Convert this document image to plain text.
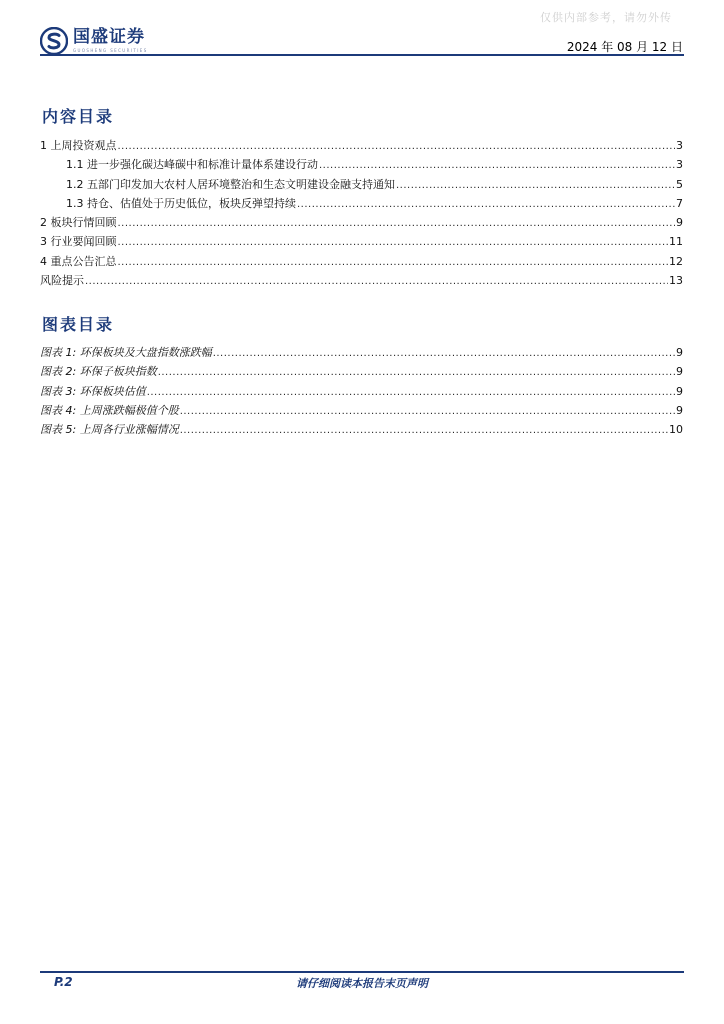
仅供内部参考，请勿外传
国盛证券
GUOSHENG SECURITIES	2024 年 08 月 12 日
内容目录
1 上周投资观点 .....	3
1.1 进一步强化碳达峰碳中和标准计量体系建设行动 .....	3
1.2 五部门印发加大农村人居环境整治和生态文明建设金融支持通知 .....	5
1.3 持仓、估值处于历史低位，板块反弹望持续 .....	7
2 板块行情回顾 .....	9
3 行业要闻回顾 .....	11
4 重点公告汇总 .....	12
风险提示 .....	13
图表目录
图表 1: 环保板块及大盘指数涨跌幅 .....	9
图表 2: 环保子板块指数 .....	9
图表 3: 环保板块估值 .....	9
图表 4: 上周涨跌幅极值个股 .....	9
图表 5: 上周各行业涨幅情况 .....	10
P.2	请仔细阅读本报告末页声明
